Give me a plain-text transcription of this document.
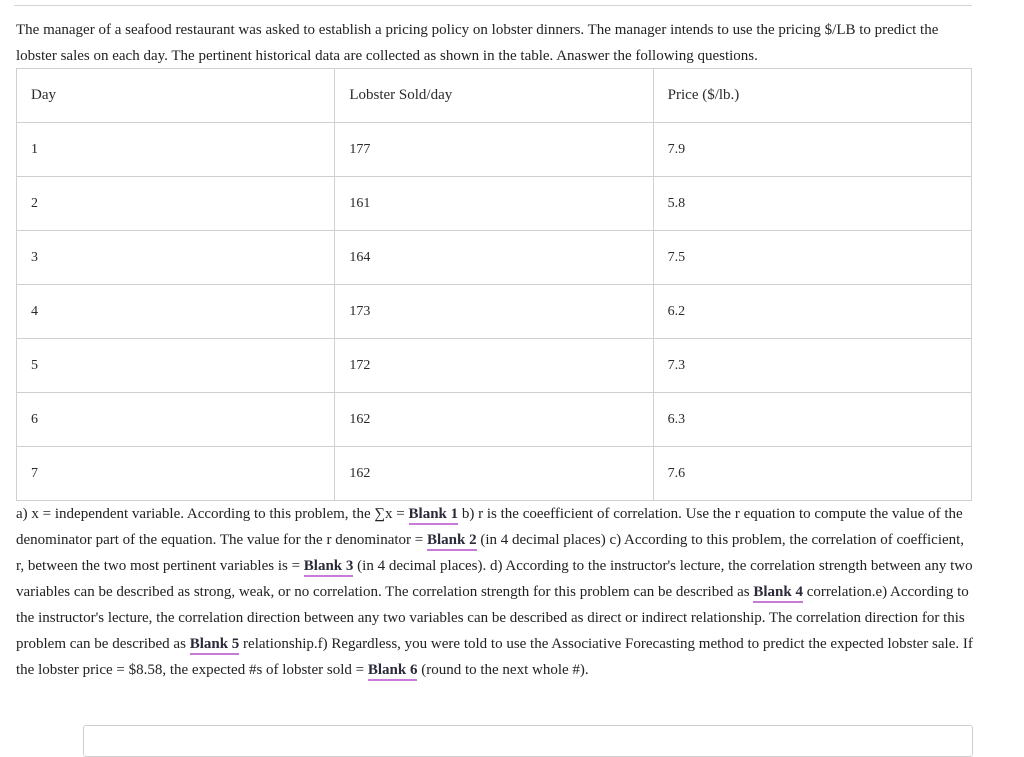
The manager of a seafood restaurant was asked to establish a pricing policy on lobster dinners. The manager intends to use the pricing $/LB to predict the lobster sales on each day. The pertinent historical data are collected as shown in the table. Anaswer the following questions.

Day	Lobster Sold/day	Price ($/lb.)
1	177	7.9
2	161	5.8
3	164	7.5
4	173	6.2
5	172	7.3
6	162	6.3
7	162	7.6

a) x = independent variable. According to this problem, the ∑x = Blank 1 b) r is the coeefficient of correlation. Use the r equation to compute the value of the denominator part of the equation. The value for the r denominator = Blank 2 (in 4 decimal places) c) According to this problem, the correlation of coefficient, r, between the two most pertinent variables is = Blank 3 (in 4 decimal places). d) According to the instructor's lecture, the correlation strength between any two variables can be described as strong, weak, or no correlation. The correlation strength for this problem can be described as Blank 4 correlation.e) According to the instructor's lecture, the correlation direction between any two variables can be described as direct or indirect relationship. The correlation direction for this problem can be described as Blank 5 relationship.f) Regardless, you were told to use the Associative Forecasting method to predict the expected lobster sale. If the lobster price = $8.58, the expected #s of lobster sold = Blank 6 (round to the next whole #).
